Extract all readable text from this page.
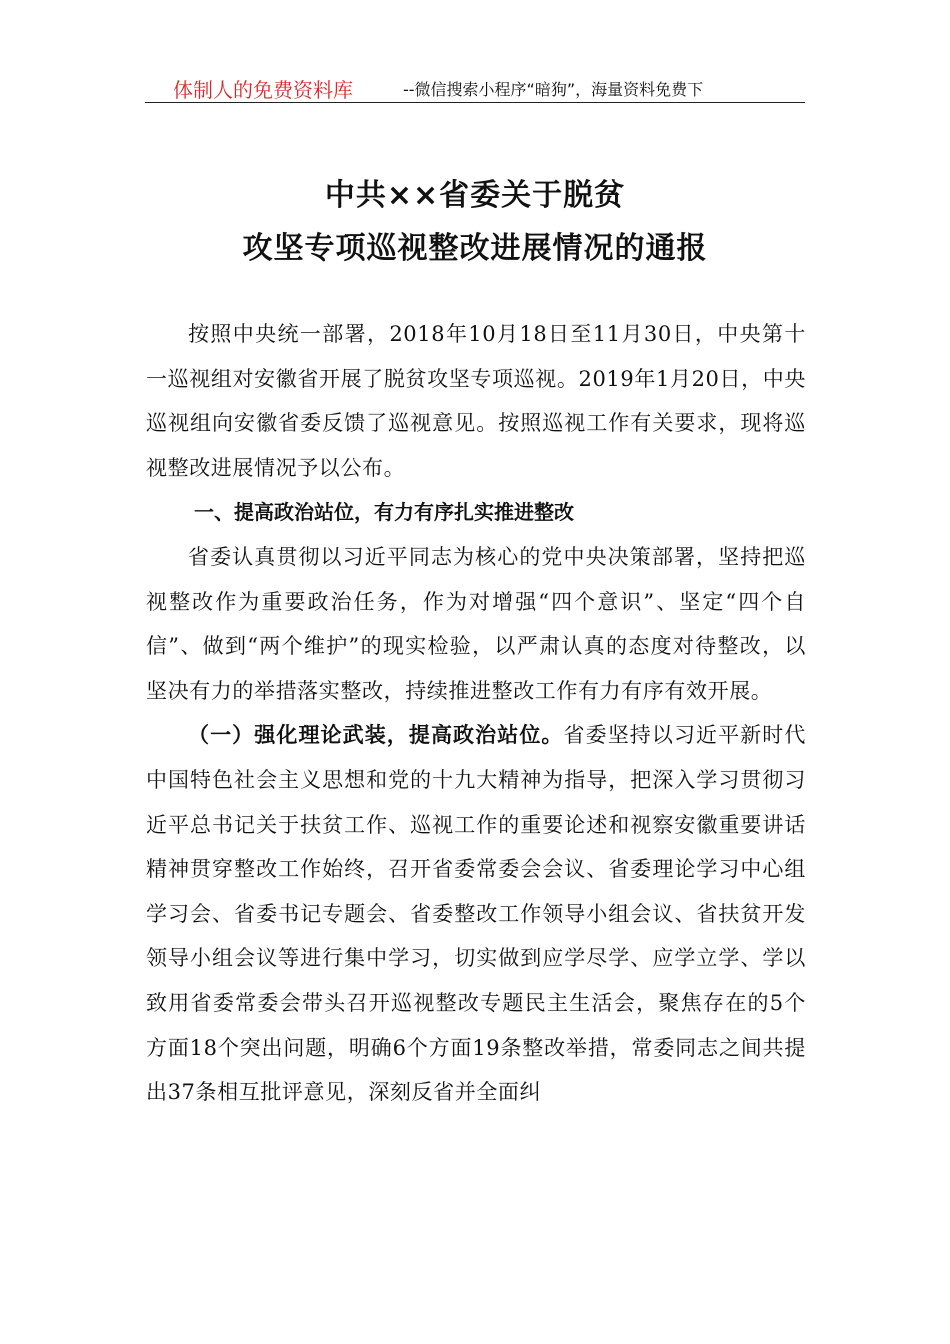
体制人的免费资料库	--微信搜索小程序“暗狗”，海量资料免费下
中共××省委关于脱贫
攻坚专项巡视整改进展情况的通报

按照中央统一部署，2018年10月18日至11月30日，中央第十一巡视组对安徽省开展了脱贫攻坚专项巡视。2019年1月20日，中央巡视组向安徽省委反馈了巡视意见。按照巡视工作有关要求，现将巡视整改进展情况予以公布。

一、提高政治站位，有力有序扎实推进整改

省委认真贯彻以习近平同志为核心的党中央决策部署，坚持把巡视整改作为重要政治任务，作为对增强“四个意识”、坚定“四个自信”、做到“两个维护”的现实检验，以严肃认真的态度对待整改，以坚决有力的举措落实整改，持续推进整改工作有力有序有效开展。

（一）强化理论武装，提高政治站位。省委坚持以习近平新时代中国特色社会主义思想和党的十九大精神为指导，把深入学习贯彻习近平总书记关于扶贫工作、巡视工作的重要论述和视察安徽重要讲话精神贯穿整改工作始终，召开省委常委会会议、省委理论学习中心组学习会、省委书记专题会、省委整改工作领导小组会议、省扶贫开发领导小组会议等进行集中学习，切实做到应学尽学、应学立学、学以致用省委常委会带头召开巡视整改专题民主生活会，聚焦存在的5个方面18个突出问题，明确6个方面19条整改举措，常委同志之间共提出37条相互批评意见，深刻反省并全面纠
